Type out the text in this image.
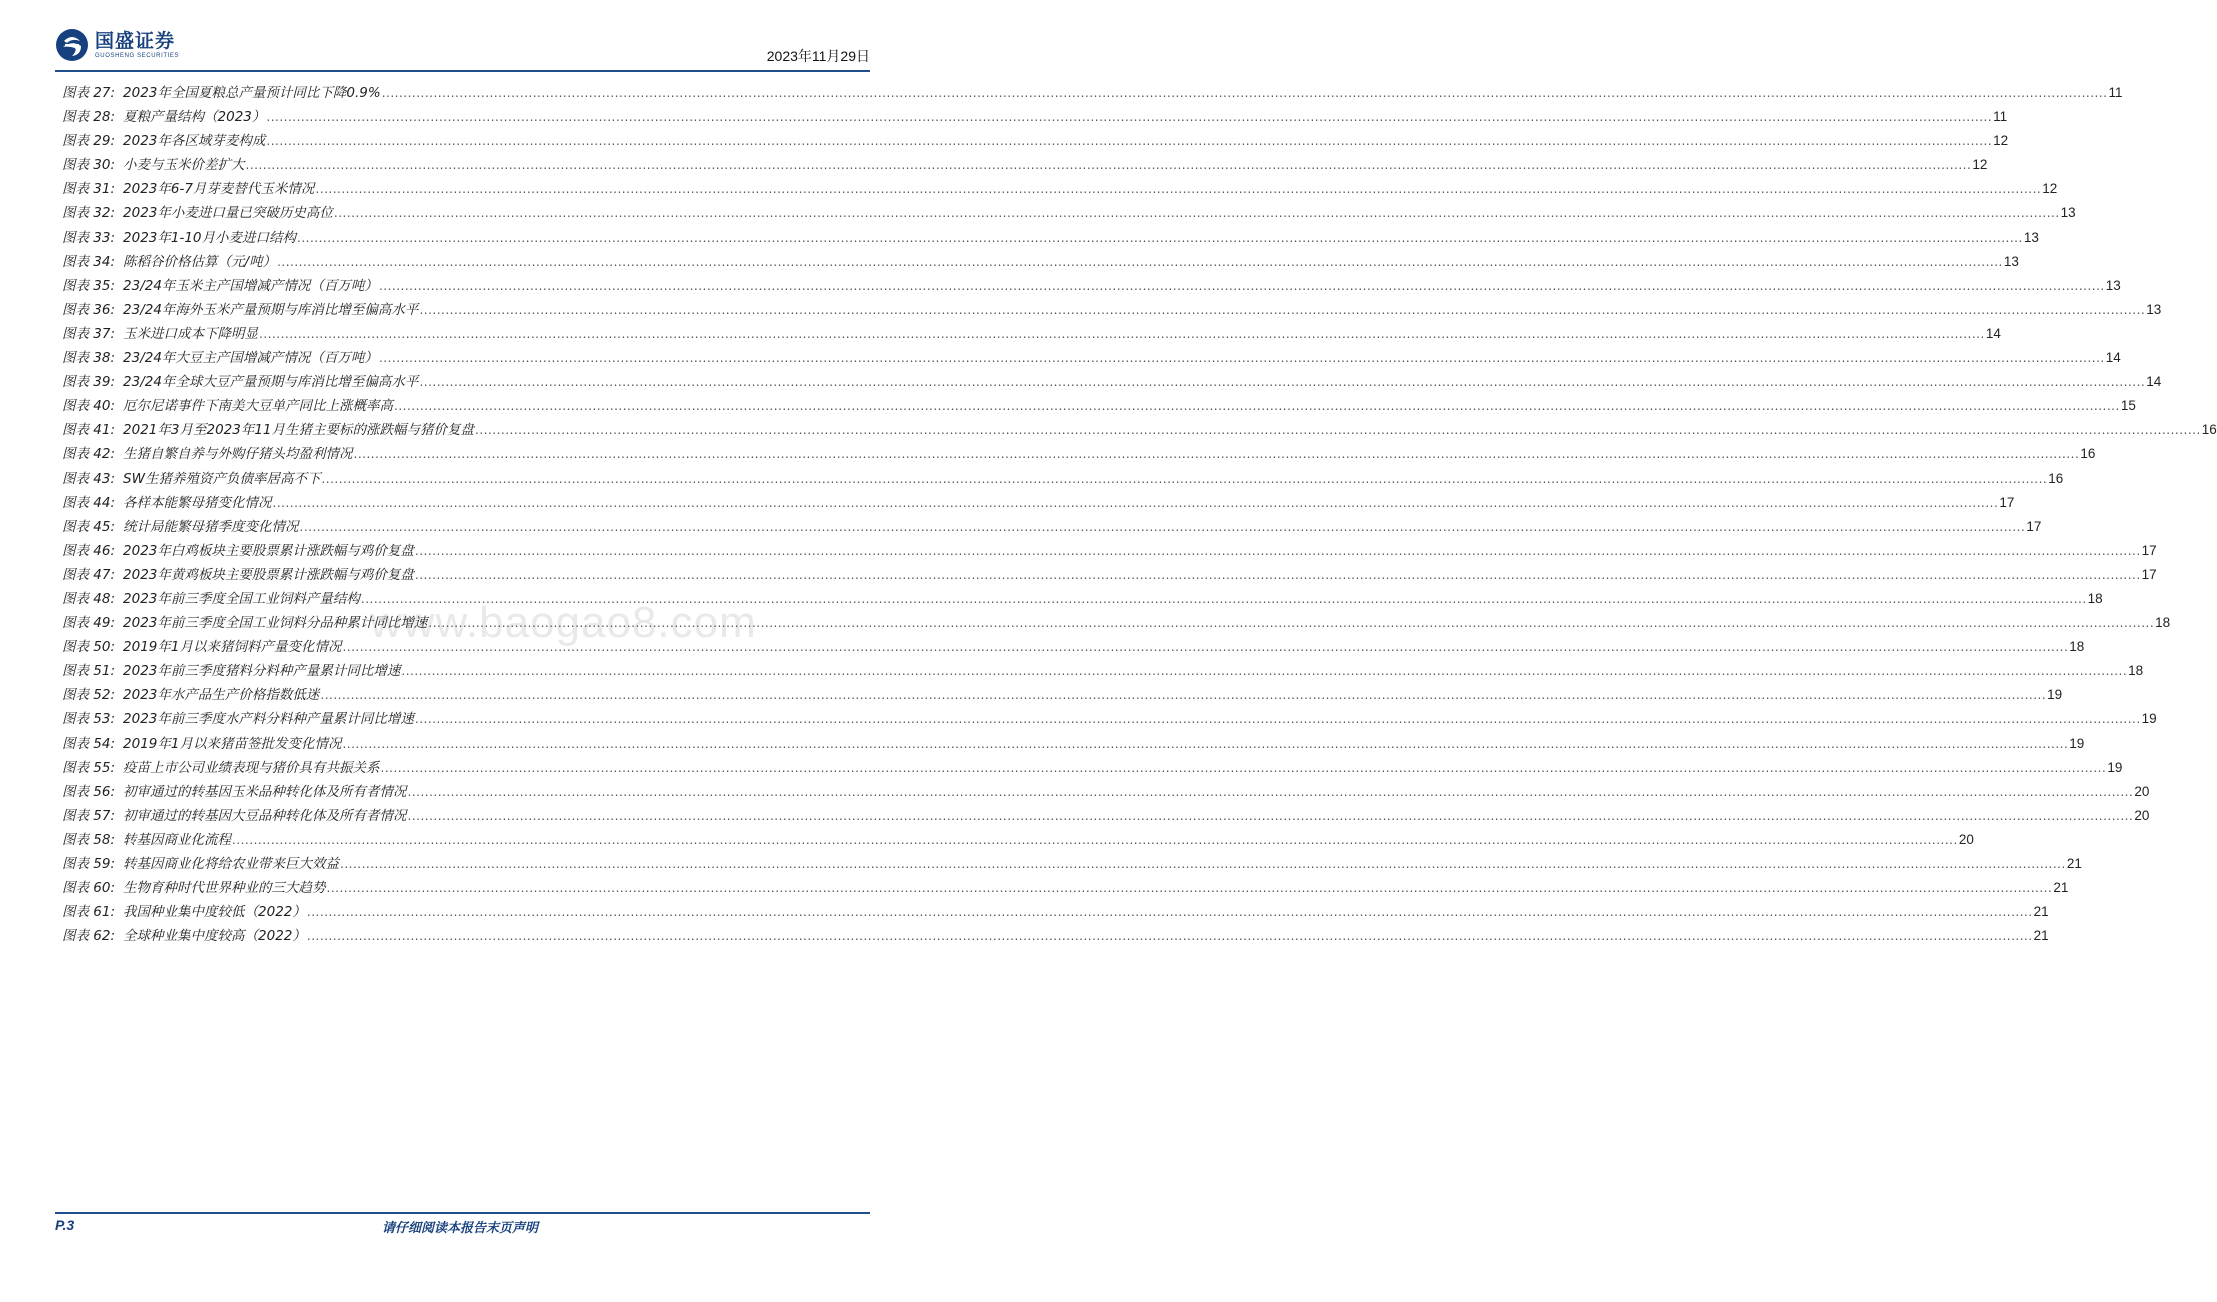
国盛证券
GUOSHENG SECURITIES	2023年11月29日
www.baogao8.com
图表 27: 2023年全国夏粮总产量预计同比下降0.9% ................................................................................................................................................................................................................................................................................................................................................................................................................ 11
图表 28: 夏粮产量结构（2023） ................................................................................................................................................................................................................................................................................................................................................................................................................ 11
图表 29: 2023年各区域芽麦构成 ................................................................................................................................................................................................................................................................................................................................................................................................................ 12
图表 30: 小麦与玉米价差扩大 ................................................................................................................................................................................................................................................................................................................................................................................................................ 12
图表 31: 2023年6-7月芽麦替代玉米情况 ................................................................................................................................................................................................................................................................................................................................................................................................................ 12
图表 32: 2023年小麦进口量已突破历史高位 ................................................................................................................................................................................................................................................................................................................................................................................................................ 13
图表 33: 2023年1-10月小麦进口结构 ................................................................................................................................................................................................................................................................................................................................................................................................................ 13
图表 34: 陈稻谷价格估算（元/吨） ................................................................................................................................................................................................................................................................................................................................................................................................................ 13
图表 35: 23/24年玉米主产国增减产情况（百万吨） ................................................................................................................................................................................................................................................................................................................................................................................................................ 13
图表 36: 23/24年海外玉米产量预期与库消比增至偏高水平 ................................................................................................................................................................................................................................................................................................................................................................................................................ 13
图表 37: 玉米进口成本下降明显 ................................................................................................................................................................................................................................................................................................................................................................................................................ 14
图表 38: 23/24年大豆主产国增减产情况（百万吨） ................................................................................................................................................................................................................................................................................................................................................................................................................ 14
图表 39: 23/24年全球大豆产量预期与库消比增至偏高水平 ................................................................................................................................................................................................................................................................................................................................................................................................................ 14
图表 40: 厄尔尼诺事件下南美大豆单产同比上涨概率高 ................................................................................................................................................................................................................................................................................................................................................................................................................ 15
图表 41: 2021年3月至2023年11月生猪主要标的涨跌幅与猪价复盘 ................................................................................................................................................................................................................................................................................................................................................................................................................ 16
图表 42: 生猪自繁自养与外购仔猪头均盈利情况 ................................................................................................................................................................................................................................................................................................................................................................................................................ 16
图表 43: SW生猪养殖资产负债率居高不下 ................................................................................................................................................................................................................................................................................................................................................................................................................ 16
图表 44: 各样本能繁母猪变化情况 ................................................................................................................................................................................................................................................................................................................................................................................................................ 17
图表 45: 统计局能繁母猪季度变化情况 ................................................................................................................................................................................................................................................................................................................................................................................................................ 17
图表 46: 2023年白鸡板块主要股票累计涨跌幅与鸡价复盘 ................................................................................................................................................................................................................................................................................................................................................................................................................ 17
图表 47: 2023年黄鸡板块主要股票累计涨跌幅与鸡价复盘 ................................................................................................................................................................................................................................................................................................................................................................................................................ 17
图表 48: 2023年前三季度全国工业饲料产量结构 ................................................................................................................................................................................................................................................................................................................................................................................................................ 18
图表 49: 2023年前三季度全国工业饲料分品种累计同比增速 ................................................................................................................................................................................................................................................................................................................................................................................................................ 18
图表 50: 2019年1月以来猪饲料产量变化情况 ................................................................................................................................................................................................................................................................................................................................................................................................................ 18
图表 51: 2023年前三季度猪料分料种产量累计同比增速 ................................................................................................................................................................................................................................................................................................................................................................................................................ 18
图表 52: 2023年水产品生产价格指数低迷 ................................................................................................................................................................................................................................................................................................................................................................................................................ 19
图表 53: 2023年前三季度水产料分料种产量累计同比增速 ................................................................................................................................................................................................................................................................................................................................................................................................................ 19
图表 54: 2019年1月以来猪苗签批发变化情况 ................................................................................................................................................................................................................................................................................................................................................................................................................ 19
图表 55: 疫苗上市公司业绩表现与猪价具有共振关系 ................................................................................................................................................................................................................................................................................................................................................................................................................ 19
图表 56: 初审通过的转基因玉米品种转化体及所有者情况 ................................................................................................................................................................................................................................................................................................................................................................................................................ 20
图表 57: 初审通过的转基因大豆品种转化体及所有者情况 ................................................................................................................................................................................................................................................................................................................................................................................................................ 20
图表 58: 转基因商业化流程 ................................................................................................................................................................................................................................................................................................................................................................................................................ 20
图表 59: 转基因商业化将给农业带来巨大效益 ................................................................................................................................................................................................................................................................................................................................................................................................................ 21
图表 60: 生物育种时代世界种业的三大趋势 ................................................................................................................................................................................................................................................................................................................................................................................................................ 21
图表 61: 我国种业集中度较低（2022） ................................................................................................................................................................................................................................................................................................................................................................................................................ 21
图表 62: 全球种业集中度较高（2022） ................................................................................................................................................................................................................................................................................................................................................................................................................ 21
P.3	请仔细阅读本报告末页声明
